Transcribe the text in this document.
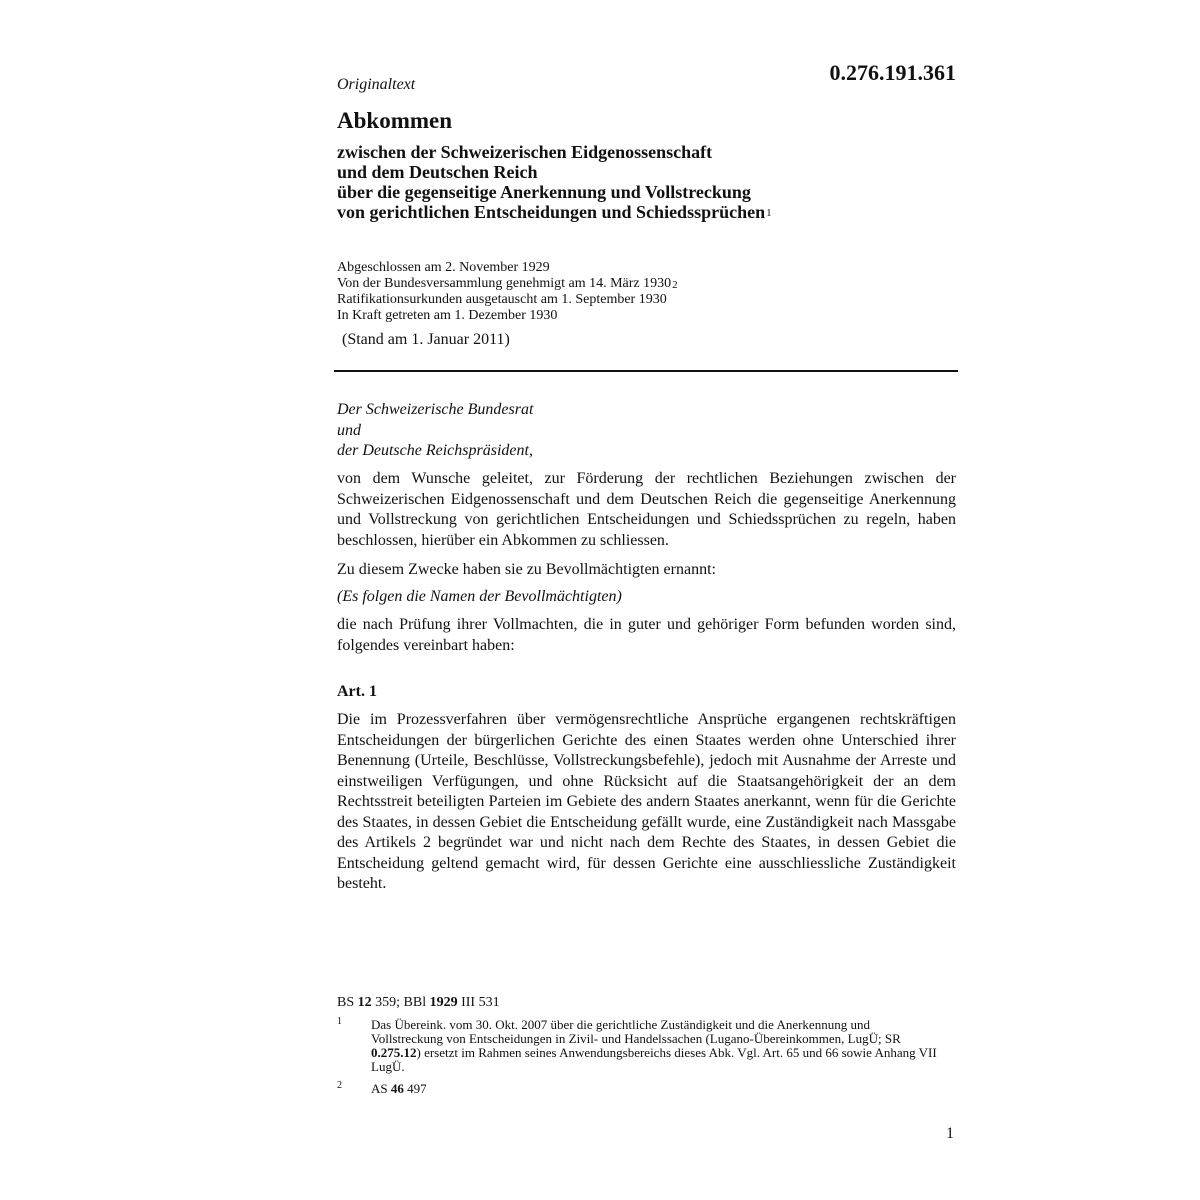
Originaltext	0.276.191.361
Abkommen
zwischen der Schweizerischen Eidgenossenschaft
und dem Deutschen Reich
über die gegenseitige Anerkennung und Vollstreckung
von gerichtlichen Entscheidungen und Schiedssprüchen$^1$
Abgeschlossen am 2. November 1929
Von der Bundesversammlung genehmigt am 14. März 1930$^2$
Ratifikationsurkunden ausgetauscht am 1. September 1930
In Kraft getreten am 1. Dezember 1930
(Stand am 1. Januar 2011)
Der Schweizerische Bundesrat
und
der Deutsche Reichspräsident,
von dem Wunsche geleitet, zur Förderung der rechtlichen Beziehungen zwischen der Schweizerischen Eidgenossenschaft und dem Deutschen Reich die gegenseitige Anerkennung und Vollstreckung von gerichtlichen Entscheidungen und Schiedssprüchen zu regeln, haben beschlossen, hierüber ein Abkommen zu schliessen.
Zu diesem Zwecke haben sie zu Bevollmächtigten ernannt:
(Es folgen die Namen der Bevollmächtigten)
die nach Prüfung ihrer Vollmachten, die in guter und gehöriger Form befunden worden sind, folgendes vereinbart haben:
Art. 1
Die im Prozessverfahren über vermögensrechtliche Ansprüche ergangenen rechtskräftigen Entscheidungen der bürgerlichen Gerichte des einen Staates werden ohne Unterschied ihrer Benennung (Urteile, Beschlüsse, Vollstreckungsbefehle), jedoch mit Ausnahme der Arreste und einstweiligen Verfügungen, und ohne Rücksicht auf die Staatsangehörigkeit der an dem Rechtsstreit beteiligten Parteien im Gebiete des andern Staates anerkannt, wenn für die Gerichte des Staates, in dessen Gebiet die Entscheidung gefällt wurde, eine Zuständigkeit nach Massgabe des Artikels 2 begründet war und nicht nach dem Rechte des Staates, in dessen Gebiet die Entscheidung geltend gemacht wird, für dessen Gerichte eine ausschliessliche Zuständigkeit besteht.
BS 12 359; BBl 1929 III 531
1 Das Übereink. vom 30. Okt. 2007 über die gerichtliche Zuständigkeit und die Anerkennung und Vollstreckung von Entscheidungen in Zivil- und Handelssachen (Lugano-Übereinkommen, LugÜ; SR 0.275.12) ersetzt im Rahmen seines Anwendungsbereichs dieses Abk. Vgl. Art. 65 und 66 sowie Anhang VII LugÜ.
2 AS 46 497
1
